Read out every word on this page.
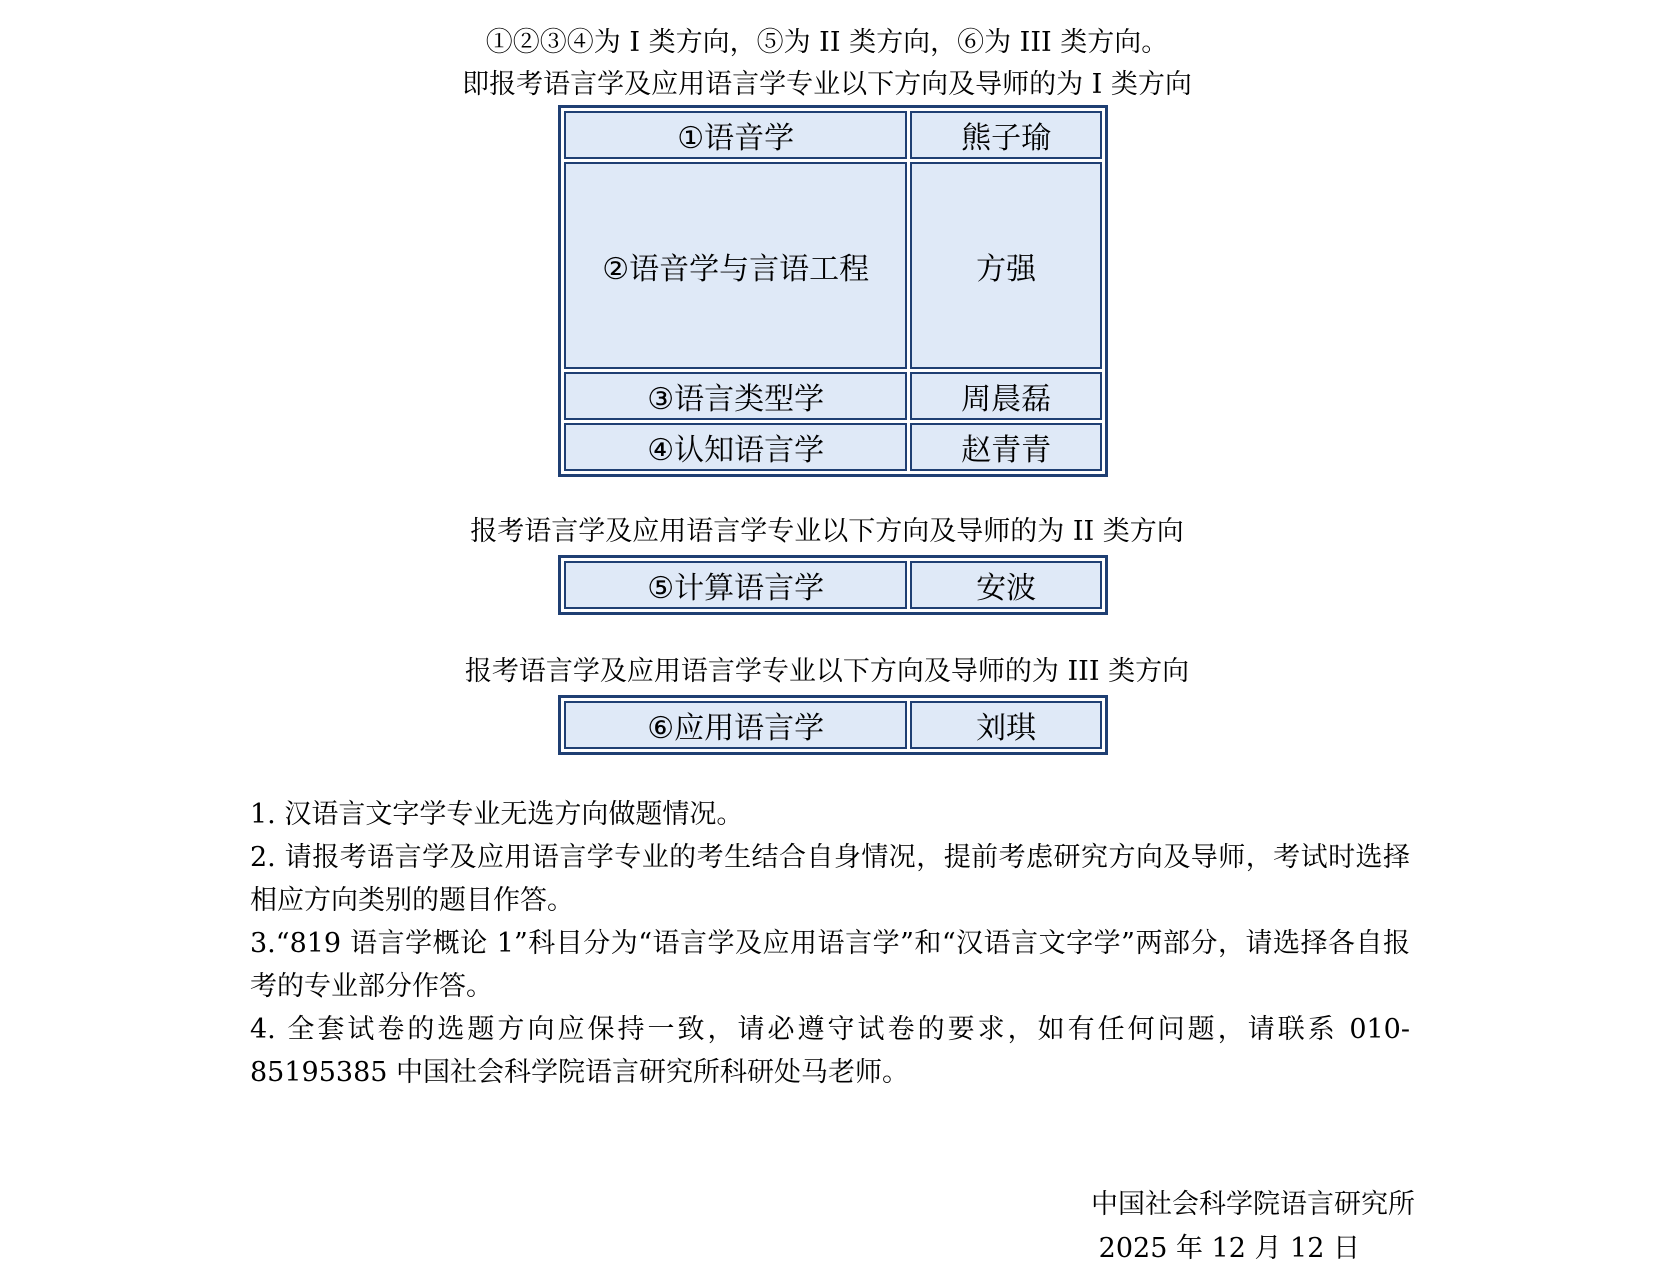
①②③④为 I 类方向，⑤为 II 类方向，⑥为 III 类方向。
即报考语言学及应用语言学专业以下方向及导师的为 I 类方向
①语音学	熊子瑜
②语音学与言语工程	方强
③语言类型学	周晨磊
④认知语言学	赵青青
报考语言学及应用语言学专业以下方向及导师的为 II 类方向
⑤计算语言学	安波
报考语言学及应用语言学专业以下方向及导师的为 III 类方向
⑥应用语言学	刘琪

1. 汉语言文字学专业无选方向做题情况。

2. 请报考语言学及应用语言学专业的考生结合自身情况，提前考虑研究方向及导师，考试时选择相应方向类别的题目作答。

3.“819 语言学概论 1”科目分为“语言学及应用语言学”和“汉语言文字学”两部分，请选择各自报考的专业部分作答。

4. 全套试卷的选题方向应保持一致，请必遵守试卷的要求，如有任何问题，请联系 010-85195385 中国社会科学院语言研究所科研处马老师。

中国社会科学院语言研究所
2025 年 12 月 12 日
